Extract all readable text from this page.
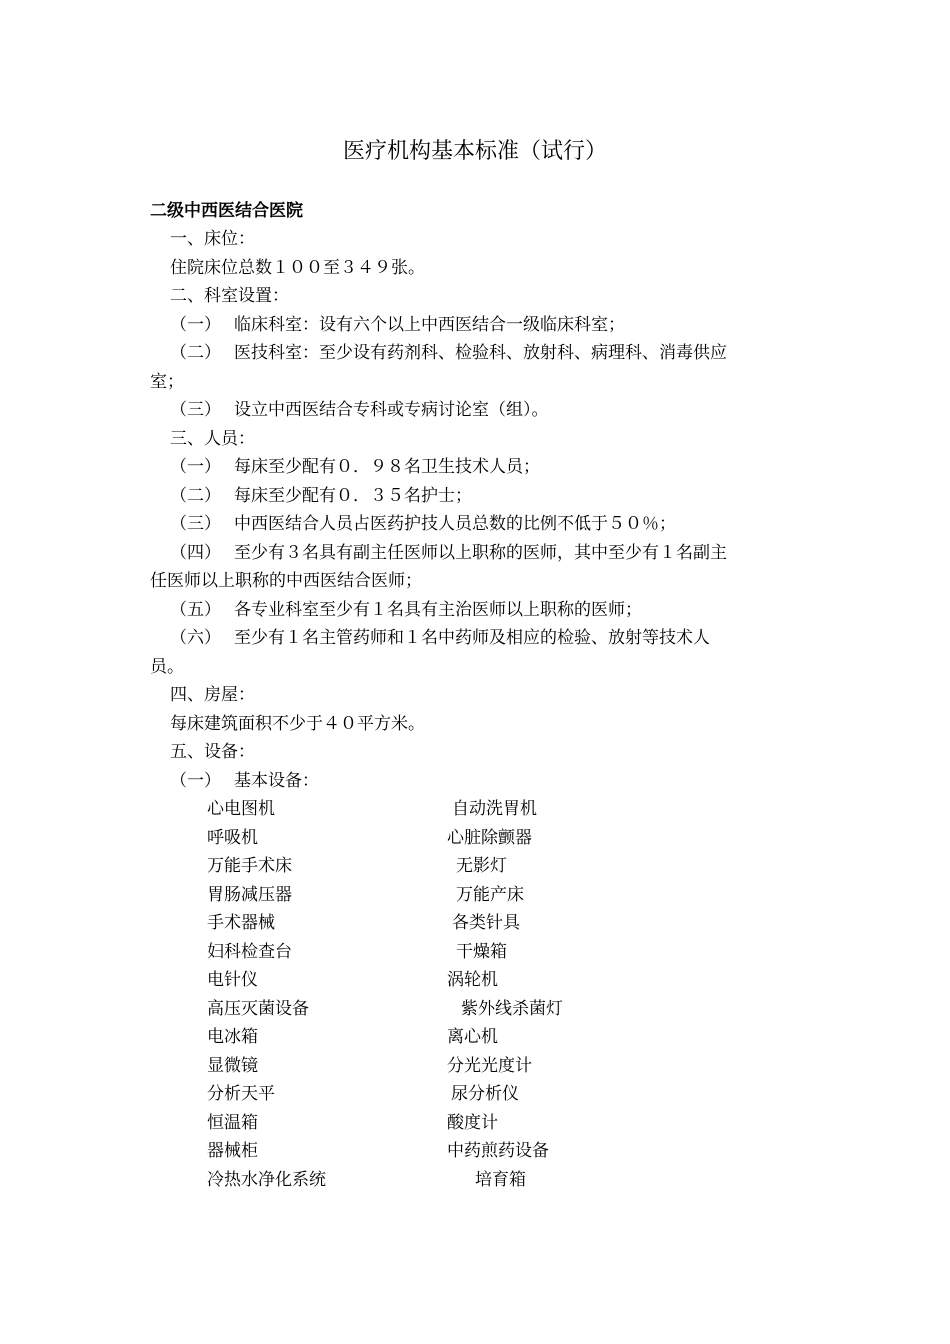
医疗机构基本标准（试行）
二级中西医结合医院
一、床位：
住院床位总数１００至３４９张。
二、科室设置：
（一） 临床科室：设有六个以上中西医结合一级临床科室；
（二） 医技科室：至少设有药剂科、检验科、放射科、病理科、消毒供应
室；
（三） 设立中西医结合专科或专病讨论室（组）。
三、人员：
（一） 每床至少配有０．９８名卫生技术人员；
（二） 每床至少配有０．３５名护士；
（三） 中西医结合人员占医药护技人员总数的比例不低于５０％；
（四） 至少有３名具有副主任医师以上职称的医师，其中至少有１名副主
任医师以上职称的中西医结合医师；
（五） 各专业科室至少有１名具有主治医师以上职称的医师；
（六） 至少有１名主管药师和１名中药师及相应的检验、放射等技术人
员。
四、房屋：
每床建筑面积不少于４０平方米。
五、设备：
（一） 基本设备：
心电图机
呼吸机
万能手术床
胃肠减压器
手术器械
妇科检查台
电针仪
高压灭菌设备
电冰箱
显微镜
分析天平
恒温箱
器械柜
冷热水净化系统
自动洗胃机
心脏除颤器
无影灯
万能产床
各类针具
干燥箱
涡轮机
紫外线杀菌灯
离心机
分光光度计
尿分析仪
酸度计
中药煎药设备
培育箱
